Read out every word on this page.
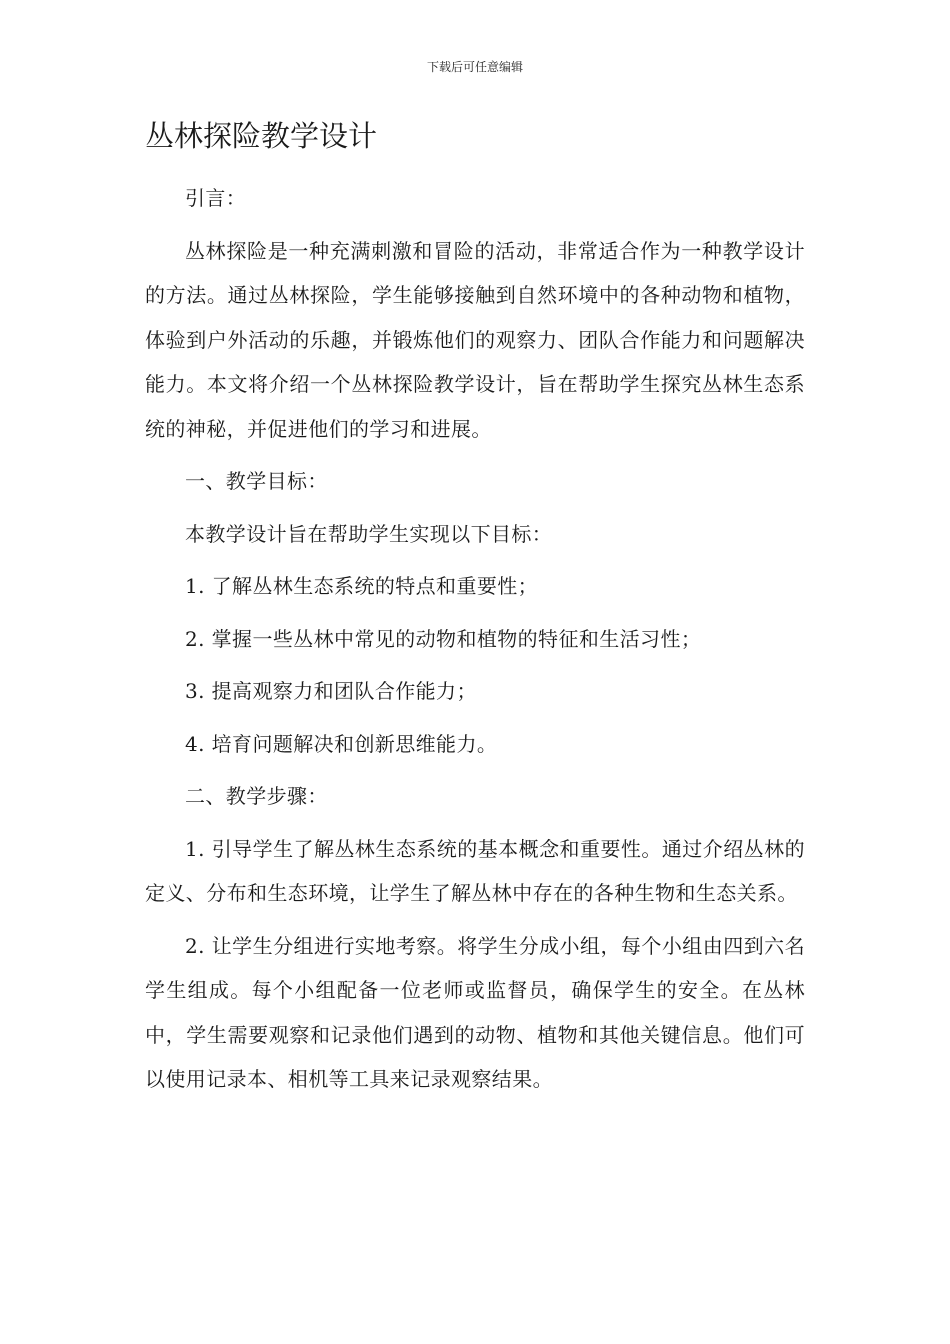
下载后可任意编辑
丛林探险教学设计

引言：

丛林探险是一种充满刺激和冒险的活动，非常适合作为一种教学设计的方法。通过丛林探险，学生能够接触到自然环境中的各种动物和植物，体验到户外活动的乐趣，并锻炼他们的观察力、团队合作能力和问题解决能力。本文将介绍一个丛林探险教学设计，旨在帮助学生探究丛林生态系统的神秘，并促进他们的学习和进展。

一、教学目标：

本教学设计旨在帮助学生实现以下目标：

1. 了解丛林生态系统的特点和重要性；

2. 掌握一些丛林中常见的动物和植物的特征和生活习性；

3. 提高观察力和团队合作能力；

4. 培育问题解决和创新思维能力。

二、教学步骤：

1. 引导学生了解丛林生态系统的基本概念和重要性。通过介绍丛林的定义、分布和生态环境，让学生了解丛林中存在的各种生物和生态关系。

2. 让学生分组进行实地考察。将学生分成小组，每个小组由四到六名学生组成。每个小组配备一位老师或监督员，确保学生的安全。在丛林中，学生需要观察和记录他们遇到的动物、植物和其他关键信息。他们可以使用记录本、相机等工具来记录观察结果。
